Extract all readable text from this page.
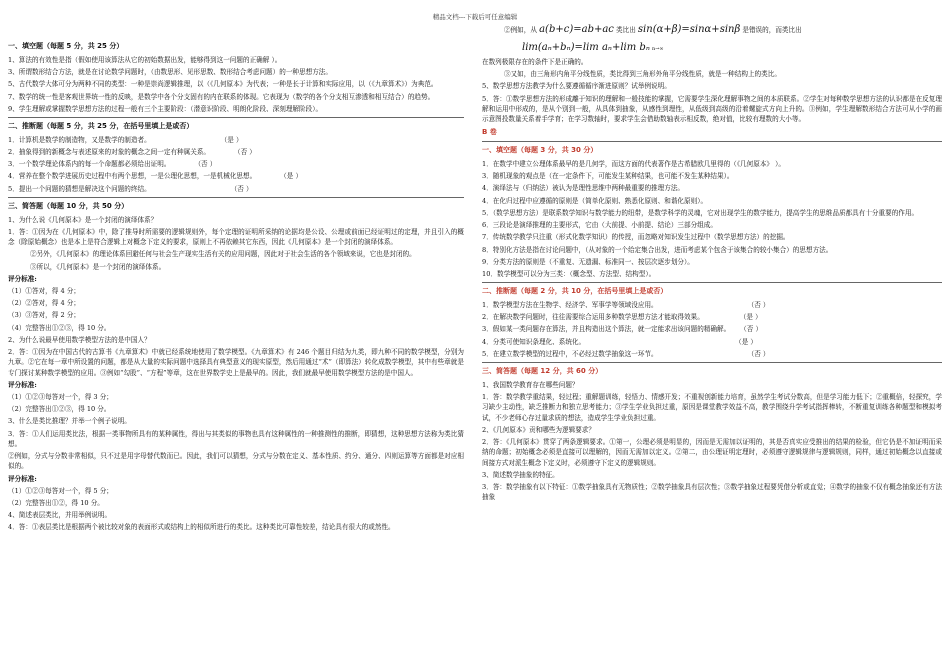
精品文档---下载后可任意编辑
一、填空题（每题 5 分，共 25 分）
1、算法的有效性是指（假如使用该算法从它的初始数据出发，能够得到这一问题的正确解 ）。
3、所谓数形结合方法，就是在讨论数学问题时，（由数思形、见形思数、数形结合考虑问题）的一种思想方法。
5、古代数学大体可分为两种不同的类型：一种是崇尚逻辑推理，以（《几何原本》为代表；一种是长于计算和实际应用，以（《九章算术》）为典范。
7、数学的统一性是客观世界统一性的反映，是数学中各个分支固有的内在联系的体现。它表现为（数学的各个分支相互渗透和相互结合）的趋势。
9、学生理解或掌握数学思想方法的过程一般有三个主要阶段：（潜意识阶段、明朗化阶段、深刻理解阶段）。
二、推断题（每题 5 分，共 25 分，在括号里填上是或否）
1．计算机是数学的制造物，又是数学的制造者。	（是 ）
2．抽象得到的新概念与表述原来的对象的概念之间一定有种属关系。	（否 ）
3．一个数学理论体系内的每一个命题都必须给出证明。	（否 ）
4．营养在整个数学进展历史过程中有两个思想，一是公理化思想，一是机械化思想。	（是 ）
5．提出一个问题的猜想是解决这个问题的终结。	（否 ）
三、简答题（每题 10 分，共 50 分）
1、为什么说《几何原本》是一个封闭的演绎体系？
1．答：①因为在《几何原本》中，除了推导时所需要的逻辑规则外，每个定理的证明所采纳的论据均是公设、公理或前面已经证明过的定理，并且引入的概念（除原始概念）也是本上是符合逻辑上对概念下定义的要求，原则上不再依赖其它东西，因此《几何原本》是一个封闭的演绎体系。
②另外，《几何原本》的理论体系回避任何与社会生产现实生活有关的应用问题，因此对于社会生活的各个领域来说，它也是封闭的。
③所以，《几何原本》是一个封闭的演绎体系。
评分标准:
（1）①答对，得 4 分；
（2）②答对，得 4 分；
（3）③答对，得 2 分；
（4）完整答出①②③，得 10 分。
2、为什么说最早使用数学模型方法的是中国人？
2．答：①因为在中国古代的古算书《九章算术》中就已经系统地使用了数学模型。《九章算术》有 246 个题目归结为九类，即九种不同的数学模型，分别为九章。②它在每一章中所设置的问题，都是从大量的实际问题中选择具有典型意义的现实原型，然后用通过“术”（即算法）转化成数学模型，其中有些章就是专门探讨某种数学模型的应用。③例如“勾股”、“方程”等章，这在世界数学史上是最早的。因此，我们就最早使用数学模型方法的是中国人。
评分标准:
（1）①②③每答对一个，得 3 分；
（2）完整答出①②③，得 10 分。
3、什么是类比推理？并举一个例子说明。
3．答：①人们运用类比法，根据一类事物所具有的某种属性，得出与其类似的事物也具有这种属性的一种推测性的推断，即猜想，这种思想方法称为类比猜想。
②例如，分式与分数非常相似，只不过是用字母替代数而已。因此，我们可以猜想，分式与分数在定义、基本性质、约分、通分、四则运算等方面都是对应相似的。
评分标准:
（1）①②③每答对一个，得 5 分；
（2）完整答出①②，得 10 分。
4、简述表层类比，并用举例说明。
4．答：①表层类比是根据两个被比较对象的表面形式或结构上的相似所进行的类比。这种类比可靠性较差，结论具有很大的或然性。
②例如，从 a(b+c)=ab+ac 类比出 sin(α+β)=sinα+sinβ 是错误的，而类比出
lim(aₙ+bₙ)=lim aₙ+lim bₙ n→∞
在数列极限存在的条件下是正确的。
③又如，由三角形内角平分线性质，类比得到三角形外角平分线性质，就是一种结构上的类比。
5、数学思想方法教学为什么要遵循循序渐进原则？试举例说明。
5．答：①数学思想方法的形成離于知识的理解和一般技能的掌握，它需要学生深化理解事物之间的本质联系。②学生对每种数学思想方法的认识都是在反复理解和运用中形成的，是从个别到一般，从具体到抽象，从感性到理性，从低级到高级的沿着螺旋式方向上升的。③例如，学生理解数形结合方法可从小学的画示意图投数量关系着手学育；在学习数轴时，要求学生会借助数轴表示相反数，绝对值，比较有理数的大小等。
B 卷
一、填空题（每题 3 分，共 30 分）
1．在数学中建立公理体系最早的是几何学，而这方面的代表著作是古希腊欧几里得的（《几何原本》 ）。
3．随机现象的观点是（在一定条件下，可能发生某种结果，也可能不发生某种结果）。
4．演绎法与（归纳法）被认为是理性思维中两种最重要的推理方法。
4．在化归过程中应遵循的原则是（简单化原则、熟悉化原则、和谐化原则）。
5．（数学思想方法）是联系数学知识与数学能力的纽带，是数学科学的灵魂，它对出现学生的数学能力，提高学生的思维品质都具有十分重要的作用。
6．三段论是演绎推理的主要形式，它由（大前提、小前提、结论）三部分组成。
7．传统数学教学只注重（形式化数学知识）的传授，而忽略对知识发生过程中（数学思想方法）的挖掘。
8．特别化方法是指在讨论问题中，（从对象的一个给定集合出发，进而考虑某个包含于该集合的较小集合）的思想方法。
9．分类方法的原则是（不重复、无遗漏、标准同一、按层次逐步划分）。
10．数学模型可以分为三类：（概念型、方法型、结构型）。
二、推断题（每题 2 分，共 10 分，在括号里填上是或否）
1．数学模型方法在生物学、经济学、军事学等领域没应用。	（否 ）
2．在解决数学问题时，往往需要综合运用多种数学思想方法才能取得效果。	（是 ）
3．假如某一类问题存在算法，并且构造出这个算法，就一定能求出该问题的精确解。 （否 ）
4．分类可使知识条理化、系统化。	（是 ）
5．在建立数学模型的过程中，不必经过数学抽象这一环节。	（否 ）
三、简答题（每题 12 分，共 60 分）
1、我国数学教育存在哪些问题？
1．答：数学教学重结果，轻过程；重解题训练，轻悟力、情感开发；不重视创新能力培育，虽然学生考试分数高，但是学习能力低下；②重概倍，轻探究，学习缺少主动性，缺乏推断力和独立思考能力；③学生学业负担过重，原因是课堂教学效益不高，教学围绕升学考试指挥棒转，不断重复训练各种题型和模拟考试，不少老师心存过量求质的想法，造成学生学业负担过重。
2、《几何原本》贡和哪些为逻辑要求？
2．答：《几何原本》贯穿了两条逻辑要求。①第一，公理必须是明显的，因而是无需加以证明的，其是否真实应受推出的结果的检验，但它仍是不加证明而采纳的命题；初始概念必须是直接可以理解的，因而无需加以定义。②第二，由公理证明定理时，必须遵守逻辑规律与逻辑规则，同样，通过初始概念以直接或间接方式对派生概念下定义时，必须遵守下定义的逻辑规则。
3、简述数学抽象的特征。
3．答：数学抽象有以下特征：①数学抽象具有无物质性；②数学抽象具有层次性；③数学抽象过程要凭借分析或直觉；④数学的抽象不仅有概念抽象还有方法抽象
